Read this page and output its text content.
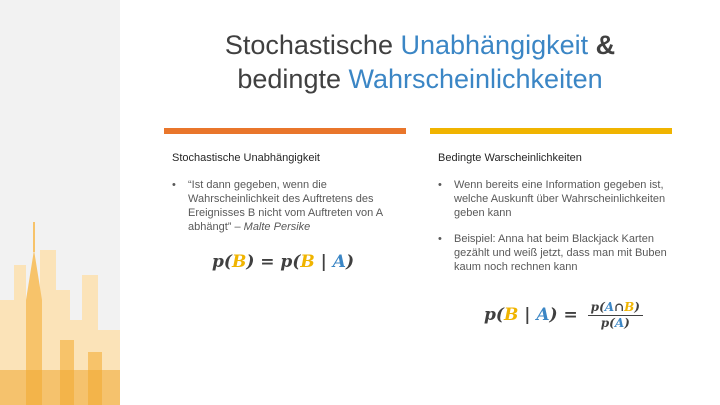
Stochastische Unabhängigkeit &
bedingte Wahrscheinlichkeiten
Stochastische Unabhängigkeit
• “Ist dann gegeben, wenn die Wahrscheinlichkeit des Auftretens des Ereignisses B nicht vom Auftreten von A abhängt” – Malte Persike
p(B) = p(B | A)
Bedingte Warscheinlichkeiten
• Wenn bereits eine Information gegeben ist, welche Auskunft über Wahrscheinlichkeiten geben kann
• Beispiel: Anna hat beim Blackjack Karten gezählt und weiß jetzt, dass man mit Buben kaum noch rechnen kann
p(B | $A) = \frac{p(A\cap B)}{p(A)}$
